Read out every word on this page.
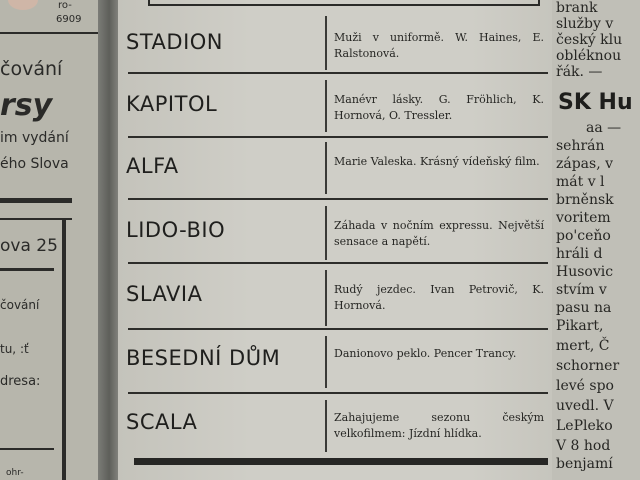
ro-
6909
čování
rsy
im vydání
ého Slova
ova 25
čování
tu, :ť
dresa:
ohr-
STADION	Muži v uniformě. W. Haines, E. Ralstonová.
KAPITOL	Manévr lásky. G. Fröhlich, K. Hornová, O. Tressler.
ALFA	Marie Valeska. Krásný vídeňský film.
LIDO-BIO	Záhada v nočním expressu. Největší sensace a napětí.
SLAVIA	Rudý jezdec. Ivan Petrovič, K. Hornová.
BESEDNÍ DŮM	Danionovo peklo. Pencer Trancy.
SCALA	Zahajujeme sezonu českým velkofilmem: Jízdní hlídka.
brank
služby v
český klu
obléknou
řák. —
SK Hu
aa —
sehrán
zápas, v
mát v l
brněnsk
voritem
po'ceňo
hráli d
Husovic
stvím v
pasu na
Pikart,
mert, Č
schorner
levé spo
uvedl. V
LePleko
V 8 hod
benjamí
